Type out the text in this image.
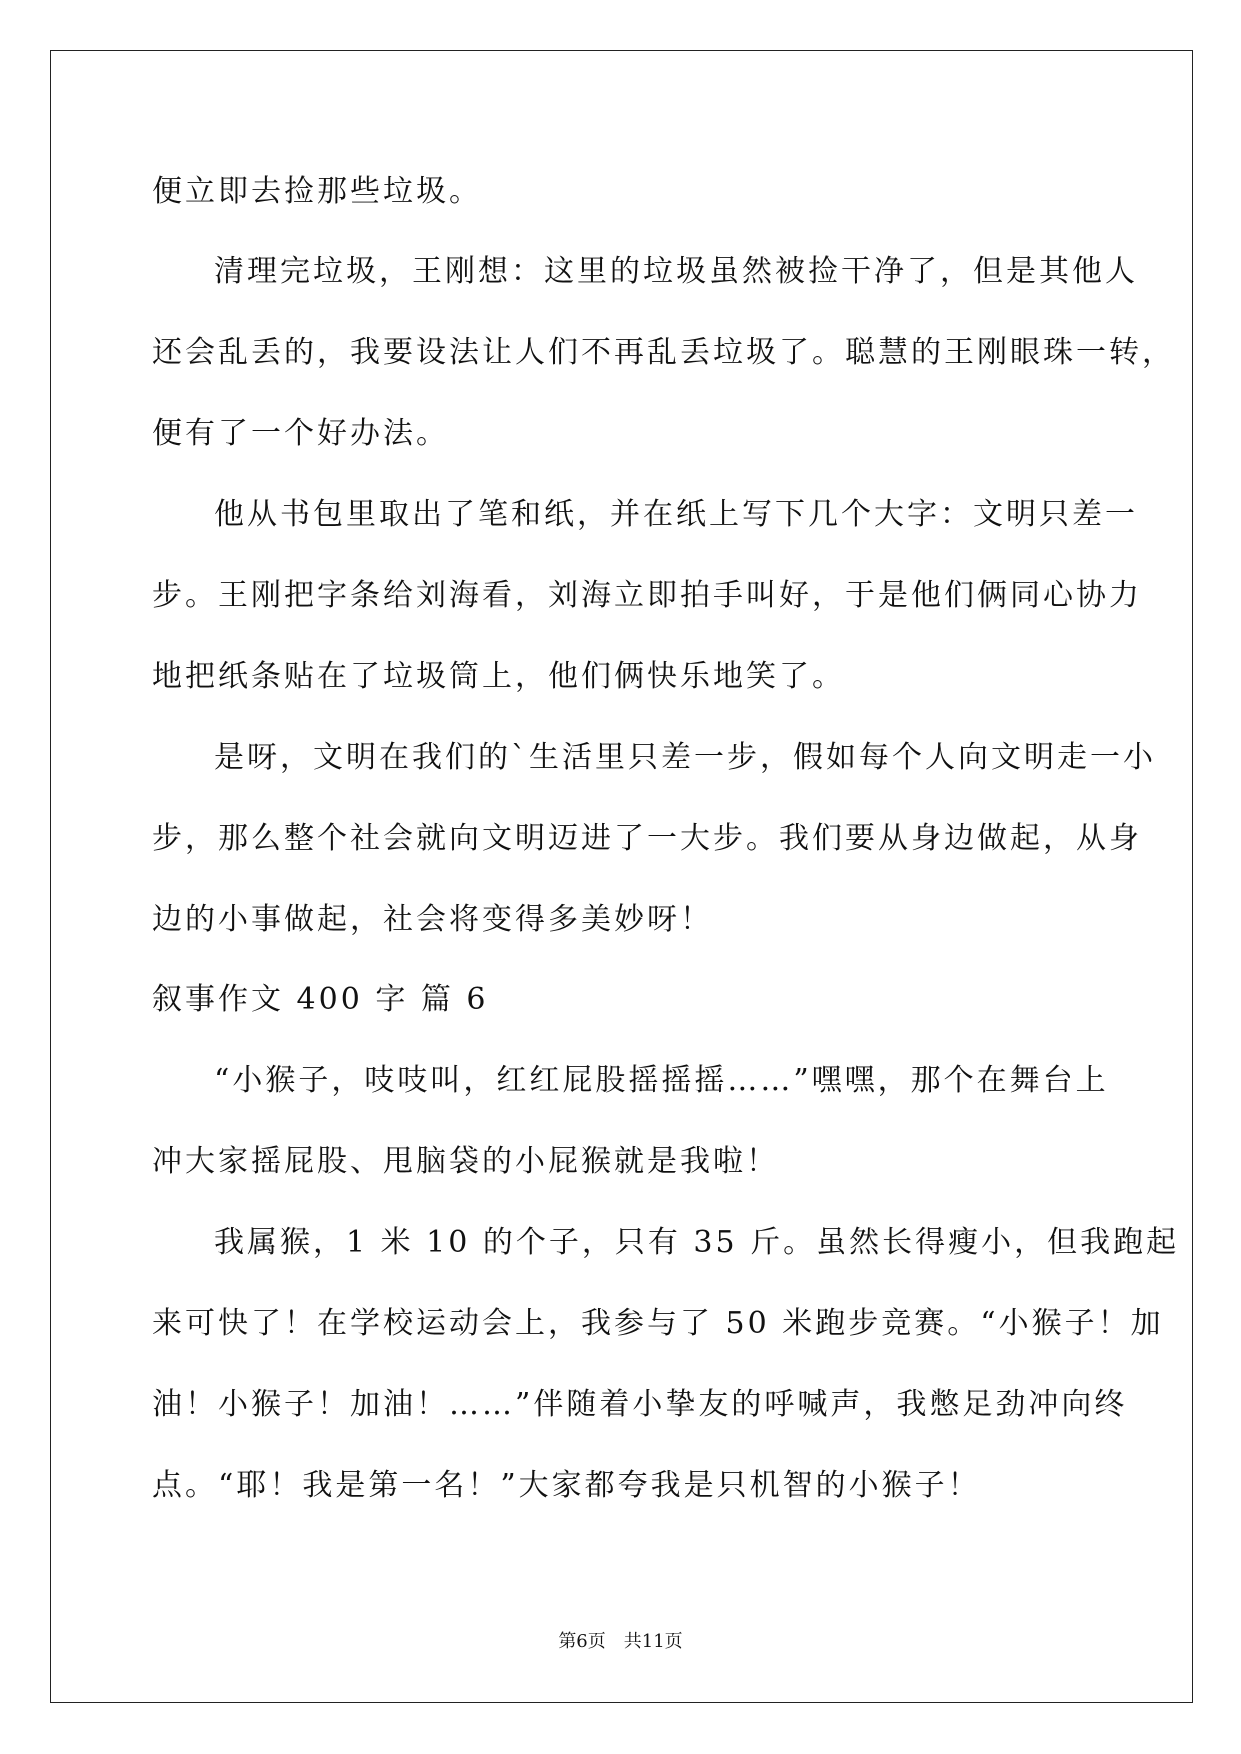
便立即去捡那些垃圾。
清理完垃圾，王刚想：这里的垃圾虽然被捡干净了，但是其他人
还会乱丢的，我要设法让人们不再乱丢垃圾了。聪慧的王刚眼珠一转，
便有了一个好办法。
他从书包里取出了笔和纸，并在纸上写下几个大字：文明只差一
步。王刚把字条给刘海看，刘海立即拍手叫好，于是他们俩同心协力
地把纸条贴在了垃圾筒上，他们俩快乐地笑了。
是呀，文明在我们的`生活里只差一步，假如每个人向文明走一小
步，那么整个社会就向文明迈进了一大步。我们要从身边做起，从身
边的小事做起，社会将变得多美妙呀！
叙事作文 400 字 篇 6
“小猴子，吱吱叫，红红屁股摇摇摇……”嘿嘿，那个在舞台上
冲大家摇屁股、甩脑袋的小屁猴就是我啦！
我属猴，1 米 10 的个子，只有 35 斤。虽然长得瘦小，但我跑起
来可快了！在学校运动会上，我参与了 50 米跑步竞赛。“小猴子！加
油！小猴子！加油！……”伴随着小挚友的呼喊声，我憋足劲冲向终
点。“耶！我是第一名！”大家都夸我是只机智的小猴子！
第6页 共11页
